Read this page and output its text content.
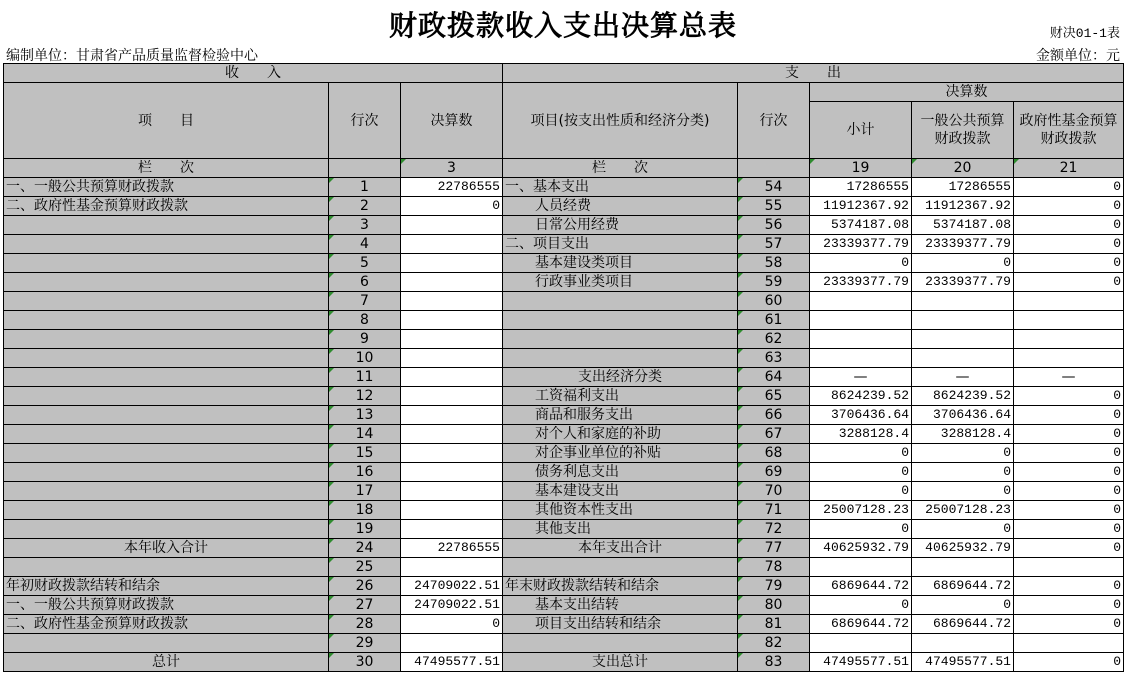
财政拨款收入支出决算总表	财决01-1表
编制单位：甘肃省产品质量监督检验中心	金额单位：元
收　　入			支　　出				
项　　目	行次	决算数	项目(按支出性质和经济分类)	行次	决算数		
					小计	一般公共预算财政拨款	政府性基金预算财政拨款
栏　　次		3	栏　　次		19	20	21
一、一般公共预算财政拨款	1	22786555	一、基本支出	54	17286555	17286555	0
二、政府性基金预算财政拨款	2	0	人员经费	55	11912367.92	11912367.92	0
	3		日常公用经费	56	5374187.08	5374187.08	0
	4		二、项目支出	57	23339377.79	23339377.79	0
	5		基本建设类项目	58	0	0	0
	6		行政事业类项目	59	23339377.79	23339377.79	0
	7			60			
	8			61			
	9			62			
	10			63			
	11		支出经济分类	64	—	—	—
	12		工资福利支出	65	8624239.52	8624239.52	0
	13		商品和服务支出	66	3706436.64	3706436.64	0
	14		对个人和家庭的补助	67	3288128.4	3288128.4	0
	15		对企事业单位的补贴	68	0	0	0
	16		债务利息支出	69	0	0	0
	17		基本建设支出	70	0	0	0
	18		其他资本性支出	71	25007128.23	25007128.23	0
	19		其他支出	72	0	0	0
本年收入合计	24	22786555	本年支出合计	77	40625932.79	40625932.79	0
	25			78			
年初财政拨款结转和结余	26	24709022.51	年末财政拨款结转和结余	79	6869644.72	6869644.72	0
一、一般公共预算财政拨款	27	24709022.51	基本支出结转	80	0	0	0
二、政府性基金预算财政拨款	28	0	项目支出结转和结余	81	6869644.72	6869644.72	0
	29			82			
总计	30	47495577.51	支出总计	83	47495577.51	47495577.51	0
